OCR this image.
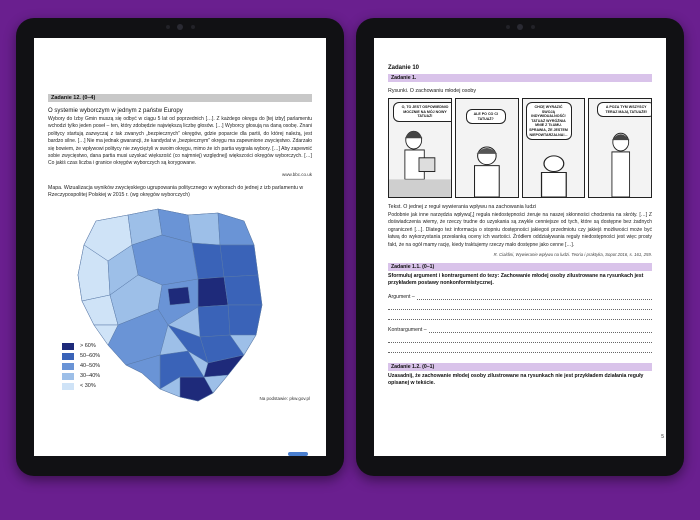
Zadanie 12. (0–4)
O systemie wyborczym w jednym z państw Europy
Wybory do Izby Gmin muszą się odbyć w ciągu 5 lat od poprzednich […]. Z każdego okręgu do [tej izby] parlamentu wchodzi tylko jeden poseł – ten, który zdobędzie największą liczbę głosów. […] Wyborcy głosują na daną osobę. Znani politycy startują zazwyczaj z tak zwanych „bezpiecznych” okręgów, gdzie poparcie dla partii, do której należą, jest bardzo silne. […] Nie ma jednak gwarancji, że kandydat w „bezpiecznym” okręgu ma zapewnione zwycięstwo. Zdarzało się bowiem, że wpływowi politycy nie zwyciężyli w swoim okręgu, mimo że ich partia wygrała wybory. […] Aby zapewnić sobie zwycięstwo, dana partia musi uzyskać większość (co najmniej) względnej) większości okręgów wyborczych. […] Co jakiś czas liczba i granice okręgów wyborczych są korygowane.
www.bbc.co.uk
Mapa. Wizualizacja wyników zwycięskiego ugrupowania politycznego w wyborach do jednej z izb parlamentu w Rzeczypospolitej Polskiej w 2015 r. (wg okręgów wyborczych)
> 60%
50–60%
40–50%
30–40%
< 30%
Na podstawie: pkw.gov.pl
Zadanie 10
Zadanie 1.
Rysunki. O zachowaniu młodej osoby
O, TO JEST OSPOWIEDNIO MOCZNIE NA MÓJ NOWY TATUAŻ!
ALE PO CO CI TATUAŻ?
CHCĘ WYRAZIĆ SWOJĄ INDYWIDUALNOŚĆ! TATUAŻ WYRÓŻNIA MNIE Z TŁUMU. SPRAWIA, ŻE JESTEM NIEPOWTARZALNA!...
A POZA TYM WSZYSCY TERAZ MAJĄ TATUAŻE!
Tekst. O jednej z reguł wywierania wpływu na zachowania ludzi
Podobnie jak inne narzędzia wpływu[,] reguła niedostępności żeruje na naszej skłonności chodzenia na skróty. […] Z doświadczenia wiemy, że rzeczy trudne do uzyskania są zwykle cenniejsze od tych, które są dostępne bez żadnych ograniczeń […]. Dlatego też informacja o stopniu dostępności jakiegoś przedmiotu czy jakiejś możliwości może być łatwą do wykorzystania przesłanką oceny ich wartości. Źródłem oddziaływania reguły niedostępności jest więc prosty fakt, że na ogół mamy rację, kiedy traktujemy rzeczy mało dostępne jako cenne […].
R. Cialdini, Wywieranie wpływu na ludzi. Teoria i praktyka, Sopot 2016, s. 161, 259.
Zadanie 1.1. (0–1)
Sformułuj argument i kontrargument do tezy: Zachowanie młodej osoby zilustrowane na rysunkach jest przykładem postawy nonkonformistycznej.
Argument –
Kontrargument –
Zadanie 1.2. (0–1)
Uzasadnij, że zachowanie młodej osoby zilustrowane na rysunkach nie jest przykładem działania reguły opisanej w tekście.
5
